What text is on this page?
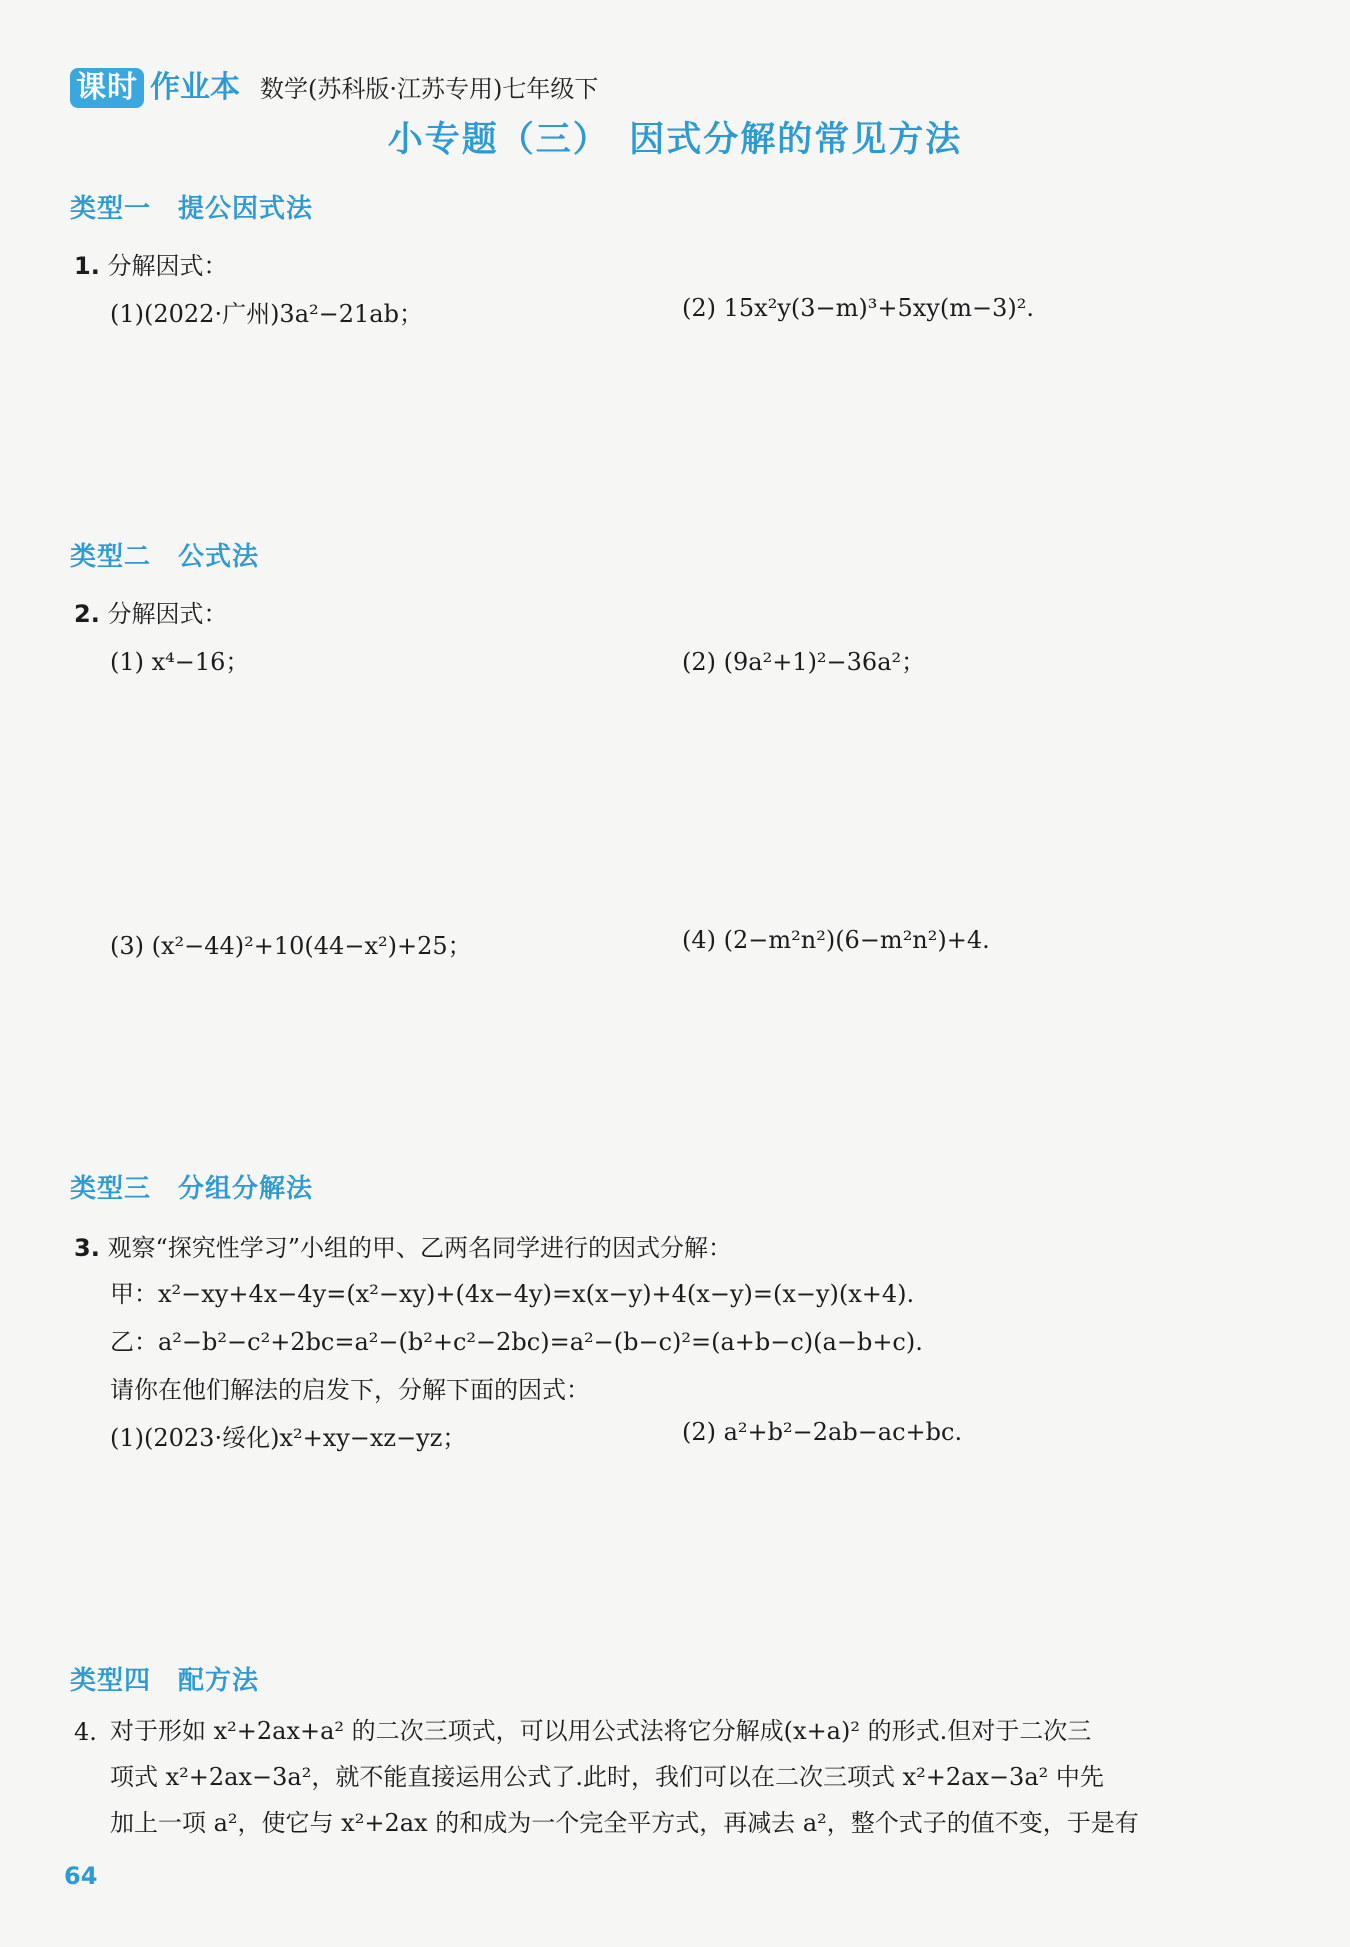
课时 作业本 数学(苏科版·江苏专用)七年级下
小专题（三）　因式分解的常见方法
类型一　提公因式法
1. 分解因式：
(1)(2022·广州)3a²−21ab；	(2) 15x²y(3−m)³+5xy(m−3)².
类型二　公式法
2. 分解因式：
(1) x⁴−16；	(2) (9a²+1)²−36a²；
(3) (x²−44)²+10(44−x²)+25；	(4) (2−m²n²)(6−m²n²)+4.
类型三　分组分解法
3. 观察“探究性学习”小组的甲、乙两名同学进行的因式分解：
甲：x²−xy+4x−4y=(x²−xy)+(4x−4y)=x(x−y)+4(x−y)=(x−y)(x+4).
乙：a²−b²−c²+2bc=a²−(b²+c²−2bc)=a²−(b−c)²=(a+b−c)(a−b+c).
请你在他们解法的启发下，分解下面的因式：
(1)(2023·绥化)x²+xy−xz−yz；	(2) a²+b²−2ab−ac+bc.
类型四　配方法
4. 对于形如 x²+2ax+a² 的二次三项式，可以用公式法将它分解成(x+a)² 的形式.但对于二次三

项式 x²+2ax−3a²，就不能直接运用公式了.此时，我们可以在二次三项式 x²+2ax−3a² 中先

加上一项 a²，使它与 x²+2ax 的和成为一个完全平方式，再减去 a²，整个式子的值不变，于是有

64
